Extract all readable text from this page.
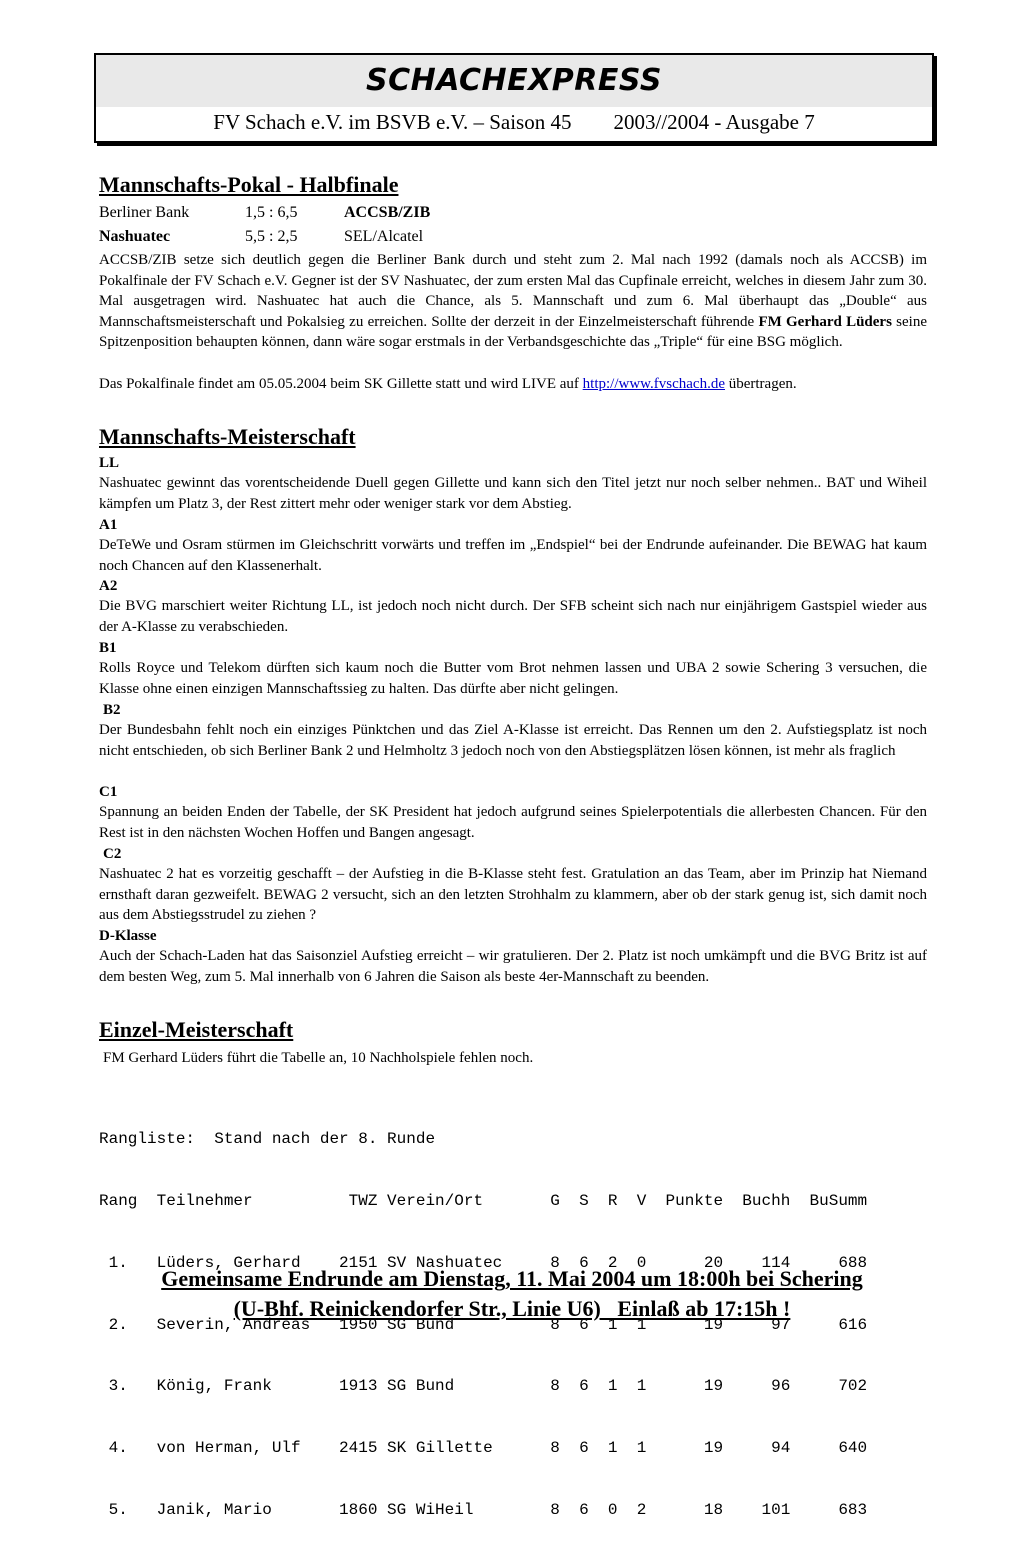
SCHACHEXPRESS
FV Schach e.V. im BSVB e.V. – Saison 45        2003//2004 - Ausgabe 7
Mannschafts-Pokal - Halbfinale
Berliner Bank	1,5 : 6,5	ACCSB/ZIB
Nashuatec	5,5 : 2,5	SEL/Alcatel

ACCSB/ZIB setze sich deutlich gegen die Berliner Bank durch und steht zum 2. Mal nach 1992 (damals noch als ACCSB) im Pokalfinale der FV Schach e.V. Gegner ist der SV Nashuatec, der zum ersten Mal das Cupfinale erreicht, welches in diesem Jahr zum 30. Mal ausgetragen wird. Nashuatec hat auch die Chance, als 5. Mannschaft und zum 6. Mal überhaupt das „Double“ aus Mannschaftsmeisterschaft und Pokalsieg zu erreichen. Sollte der derzeit in der Einzelmeisterschaft führende FM Gerhard Lüders seine Spitzenposition behaupten können, dann wäre sogar erstmals in der Verbandsgeschichte das „Triple“ für eine BSG möglich.

Das Pokalfinale findet am 05.05.2004 beim SK Gillette statt und wird LIVE auf http://www.fvschach.de übertragen.

Mannschafts-Meisterschaft
LL

Nashuatec gewinnt das vorentscheidende Duell gegen Gillette und kann sich den Titel jetzt nur noch selber nehmen.. BAT und Wiheil kämpfen um Platz 3, der Rest zittert mehr oder weniger stark vor dem Abstieg.

A1

DeTeWe und Osram stürmen im Gleichschritt vorwärts und treffen im „Endspiel“ bei der Endrunde aufeinander. Die BEWAG hat kaum noch Chancen auf den Klassenerhalt.

A2

Die BVG marschiert weiter Richtung LL, ist jedoch noch nicht durch. Der SFB scheint sich nach nur einjährigem Gastspiel wieder aus der A-Klasse zu verabschieden.

B1

Rolls Royce und Telekom dürften sich kaum noch die Butter vom Brot nehmen lassen und UBA 2 sowie Schering 3 versuchen, die Klasse ohne einen einzigen Mannschaftssieg zu halten. Das dürfte aber nicht gelingen.

B2

Der Bundesbahn fehlt noch ein einziges Pünktchen und das Ziel A-Klasse ist erreicht. Das Rennen um den 2. Aufstiegsplatz ist noch nicht entschieden, ob sich Berliner Bank 2 und Helmholtz 3 jedoch noch von den Abstiegsplätzen lösen können, ist mehr als fraglich

C1

Spannung an beiden Enden der Tabelle, der SK President hat jedoch aufgrund seines Spielerpotentials die allerbesten Chancen. Für den Rest ist in den nächsten Wochen Hoffen und Bangen angesagt.

C2

Nashuatec 2 hat es vorzeitig geschafft – der Aufstieg in die B-Klasse steht fest. Gratulation an das Team, aber im Prinzip hat Niemand ernsthaft daran gezweifelt. BEWAG 2 versucht, sich an den letzten Strohhalm zu klammern, aber ob der stark genug ist, sich damit noch aus dem Abstiegsstrudel zu ziehen ?

D-Klasse

Auch der Schach-Laden hat das Saisonziel Aufstieg erreicht – wir gratulieren. Der 2. Platz ist noch umkämpft und die BVG Britz ist auf dem besten Weg, zum 5. Mal innerhalb von 6 Jahren die Saison als beste 4er-Mannschaft zu beenden.

Einzel-Meisterschaft

FM Gerhard Lüders führt die Tabelle an, 10 Nachholspiele fehlen noch.

Rangliste:  Stand nach der 8. Runde

Rang  Teilnehmer          TWZ Verein/Ort       G  S  R  V  Punkte  Buchh  BuSumm

1.   Lüders, Gerhard    2151 SV Nashuatec     8  6  2  0      20    114     688

2.   Severin, Andreas   1950 SG Bund          8  6  1  1      19     97     616

3.   König, Frank       1913 SG Bund          8  6  1  1      19     96     702

4.   von Herman, Ulf    2415 SK Gillette      8  6  1  1      19     94     640

5.   Janik, Mario       1860 SG WiHeil        8  6  0  2      18    101     683

Gemeinsame Endrunde am Dienstag, 11. Mai 2004 um 18:00h bei Schering
(U-Bhf. Reinickendorfer Str., Linie U6)   Einlaß ab 17:15h !
